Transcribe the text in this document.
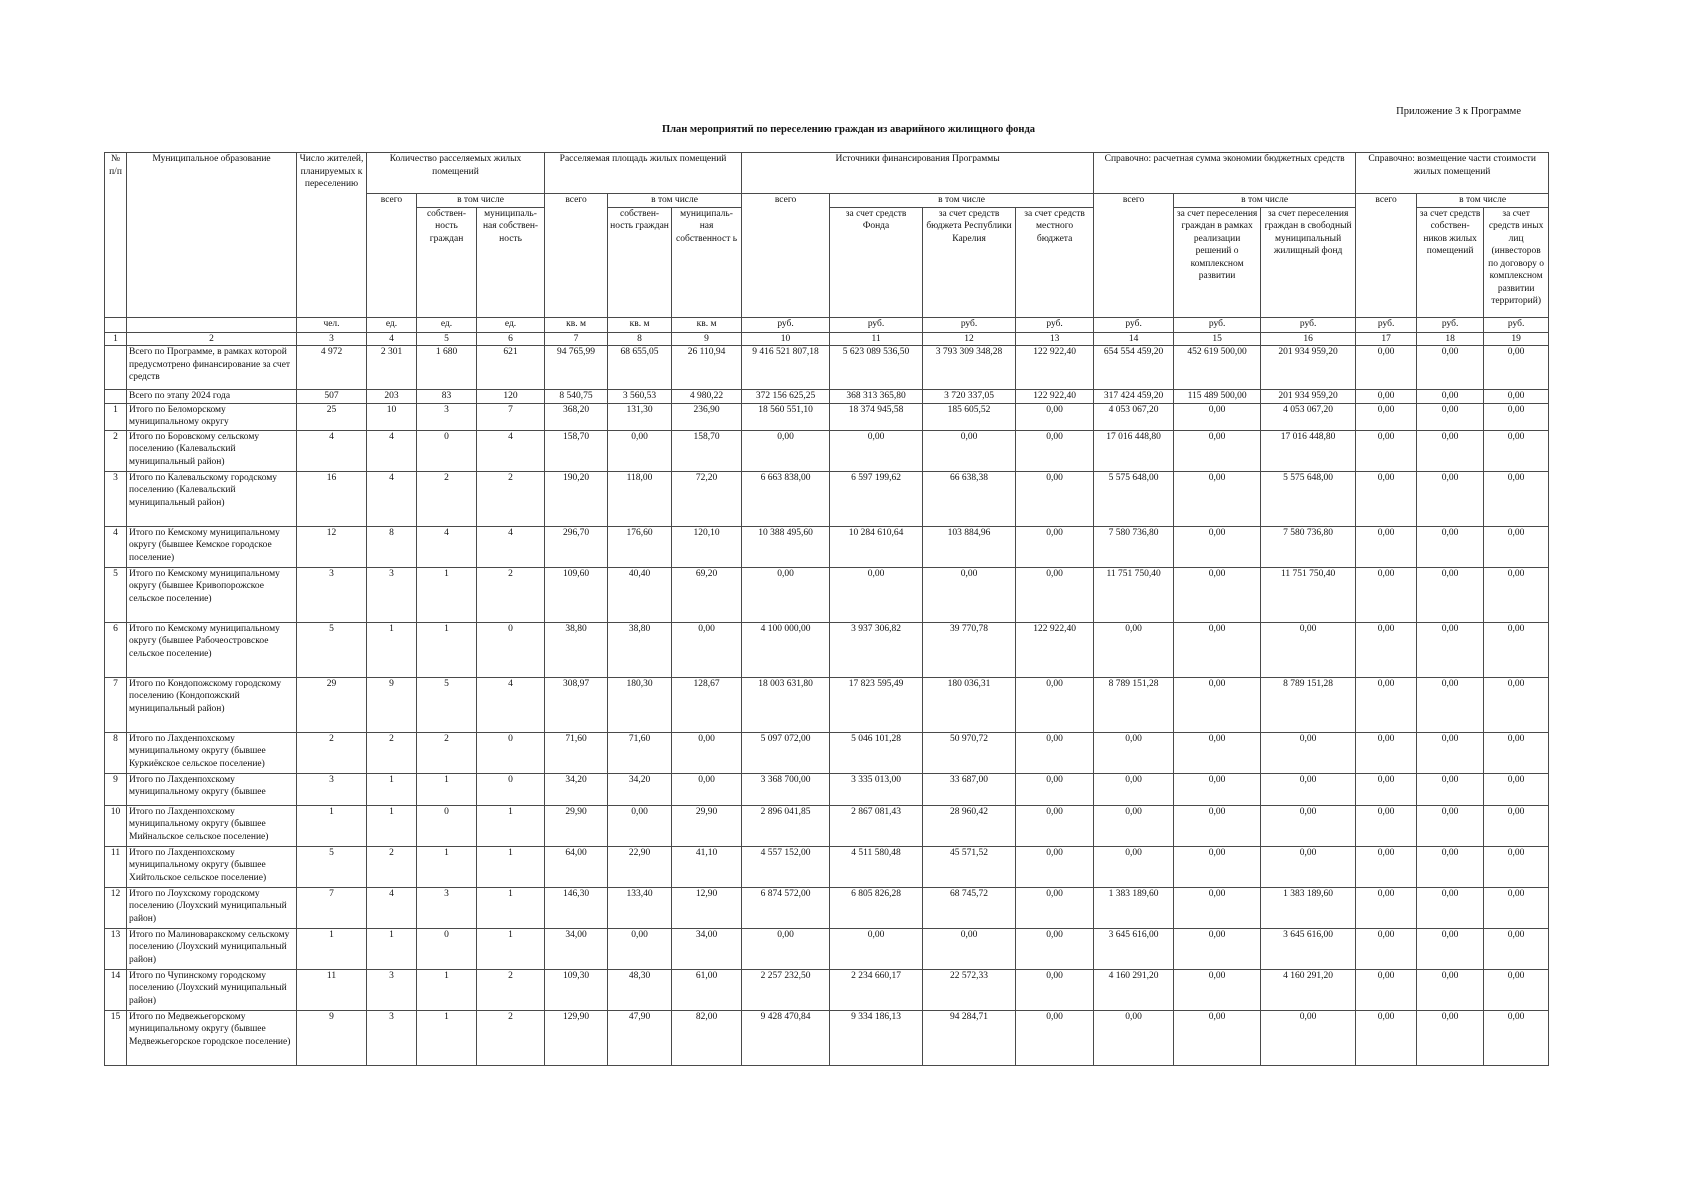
Приложение 3 к Программе
План мероприятий по переселению граждан из аварийного жилищного фонда
№ п/п	Муниципальное образование	Число жителей, планируемых к переселению	Количество расселяемых жилых помещений			Расселяемая площадь жилых помещений			Источники финансирования Программы				Справочно: расчетная сумма экономии бюджетных средств			Справочно: возмещение части стоимости жилых помещений		
			всего	в том числе		всего	в том числе		всего	в том числе			всего	в том числе		всего	в том числе	
				собствен- ность граждан	муниципаль- ная собствен- ность		собствен- ность граждан	муниципаль- ная собственност ь		за счет средств Фонда	за счет средств бюджета Республики Карелия	за счет средств местного бюджета		за счет переселения граждан в рамках реализации решений о комплексном развитии	за счет переселения граждан в свободный муниципальный жилищный фонд		за счет средств собствен- ников жилых помещений	за счет средств иных лиц (инвесторов по договору о комплексном развитии территорий)
		чел.	ед.	ед.	ед.	кв. м	кв. м	кв. м	руб.	руб.	руб.	руб.	руб.	руб.	руб.	руб.	руб.	руб.
1	2	3	4	5	6	7	8	9	10	11	12	13	14	15	16	17	18	19
	Всего по Программе, в рамках которой предусмотрено финансирование за счет средств	4 972	2 301	1 680	621	94 765,99	68 655,05	26 110,94	9 416 521 807,18	5 623 089 536,50	3 793 309 348,28	122 922,40	654 554 459,20	452 619 500,00	201 934 959,20	0,00	0,00	0,00
	Всего по этапу 2024 года	507	203	83	120	8 540,75	3 560,53	4 980,22	372 156 625,25	368 313 365,80	3 720 337,05	122 922,40	317 424 459,20	115 489 500,00	201 934 959,20	0,00	0,00	0,00
1	Итого по Беломорскому муниципальному округу	25	10	3	7	368,20	131,30	236,90	18 560 551,10	18 374 945,58	185 605,52	0,00	4 053 067,20	0,00	4 053 067,20	0,00	0,00	0,00
2	Итого по Боровскому сельскому поселению (Калевальский муниципальный район)	4	4	0	4	158,70	0,00	158,70	0,00	0,00	0,00	0,00	17 016 448,80	0,00	17 016 448,80	0,00	0,00	0,00
3	Итого по Калевальскому городскому поселению (Калевальский муниципальный район)	16	4	2	2	190,20	118,00	72,20	6 663 838,00	6 597 199,62	66 638,38	0,00	5 575 648,00	0,00	5 575 648,00	0,00	0,00	0,00
4	Итого по Кемскому муниципальному округу (бывшее Кемское городское поселение)	12	8	4	4	296,70	176,60	120,10	10 388 495,60	10 284 610,64	103 884,96	0,00	7 580 736,80	0,00	7 580 736,80	0,00	0,00	0,00
5	Итого по Кемскому муниципальному округу (бывшее Кривопорожское сельское поселение)	3	3	1	2	109,60	40,40	69,20	0,00	0,00	0,00	0,00	11 751 750,40	0,00	11 751 750,40	0,00	0,00	0,00
6	Итого по Кемскому муниципальному округу (бывшее Рабочеостровское сельское поселение)	5	1	1	0	38,80	38,80	0,00	4 100 000,00	3 937 306,82	39 770,78	122 922,40	0,00	0,00	0,00	0,00	0,00	0,00
7	Итого по Кондопожскому городскому поселению (Кондопожский муниципальный район)	29	9	5	4	308,97	180,30	128,67	18 003 631,80	17 823 595,49	180 036,31	0,00	8 789 151,28	0,00	8 789 151,28	0,00	0,00	0,00
8	Итого по Лахденпохскому муниципальному округу (бывшее Куркиёкское сельское поселение)	2	2	2	0	71,60	71,60	0,00	5 097 072,00	5 046 101,28	50 970,72	0,00	0,00	0,00	0,00	0,00	0,00	0,00
9	Итого по Лахденпохскому муниципальному округу (бывшее	3	1	1	0	34,20	34,20	0,00	3 368 700,00	3 335 013,00	33 687,00	0,00	0,00	0,00	0,00	0,00	0,00	0,00
10	Итого по Лахденпохскому муниципальному округу (бывшее Мийнальское сельское поселение)	1	1	0	1	29,90	0,00	29,90	2 896 041,85	2 867 081,43	28 960,42	0,00	0,00	0,00	0,00	0,00	0,00	0,00
11	Итого по Лахденпохскому муниципальному округу (бывшее Хийтольское сельское поселение)	5	2	1	1	64,00	22,90	41,10	4 557 152,00	4 511 580,48	45 571,52	0,00	0,00	0,00	0,00	0,00	0,00	0,00
12	Итого по Лоухскому городскому поселению (Лоухский муниципальный район)	7	4	3	1	146,30	133,40	12,90	6 874 572,00	6 805 826,28	68 745,72	0,00	1 383 189,60	0,00	1 383 189,60	0,00	0,00	0,00
13	Итого по Малиноваракскому сельскому поселению (Лоухский муниципальный район)	1	1	0	1	34,00	0,00	34,00	0,00	0,00	0,00	0,00	3 645 616,00	0,00	3 645 616,00	0,00	0,00	0,00
14	Итого по Чупинскому городскому поселению (Лоухский муниципальный район)	11	3	1	2	109,30	48,30	61,00	2 257 232,50	2 234 660,17	22 572,33	0,00	4 160 291,20	0,00	4 160 291,20	0,00	0,00	0,00
15	Итого по Медвежьегорскому муниципальному округу (бывшее Медвежьегорское городское поселение)	9	3	1	2	129,90	47,90	82,00	9 428 470,84	9 334 186,13	94 284,71	0,00	0,00	0,00	0,00	0,00	0,00	0,00
